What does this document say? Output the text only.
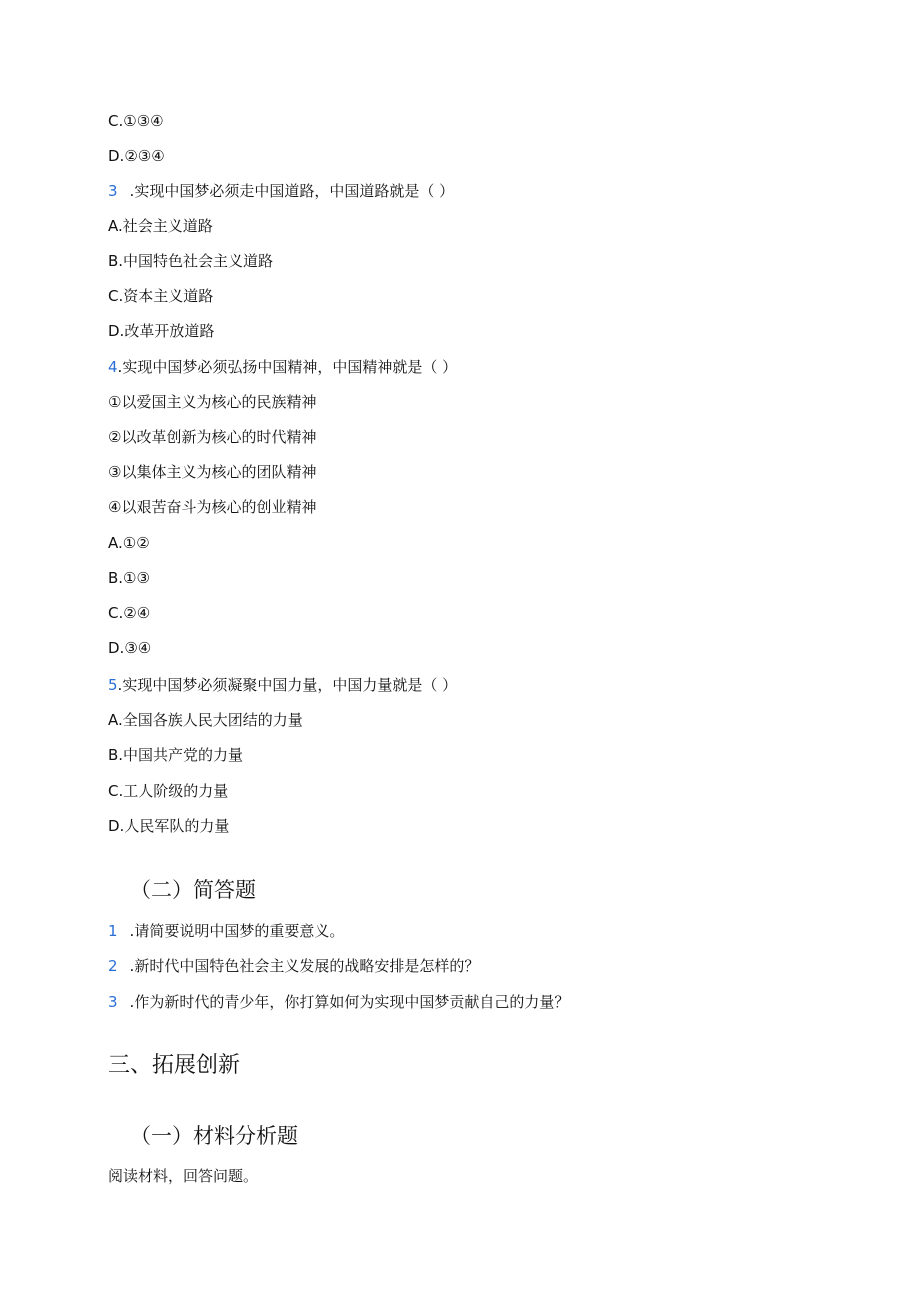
C.①③④
D.②③④
3 .实现中国梦必须走中国道路，中国道路就是（ ）
A.社会主义道路
B.中国特色社会主义道路
C.资本主义道路
D.改革开放道路
4.实现中国梦必须弘扬中国精神，中国精神就是（ ）
①以爱国主义为核心的民族精神
②以改革创新为核心的时代精神
③以集体主义为核心的团队精神
④以艰苦奋斗为核心的创业精神
A.①②
B.①③
C.②④
D.③④
5.实现中国梦必须凝聚中国力量，中国力量就是（ ）
A.全国各族人民大团结的力量
B.中国共产党的力量
C.工人阶级的力量
D.人民军队的力量
（二）简答题
1 .请简要说明中国梦的重要意义。
2 .新时代中国特色社会主义发展的战略安排是怎样的？
3 .作为新时代的青少年，你打算如何为实现中国梦贡献自己的力量？
三、拓展创新
（一）材料分析题
阅读材料，回答问题。
